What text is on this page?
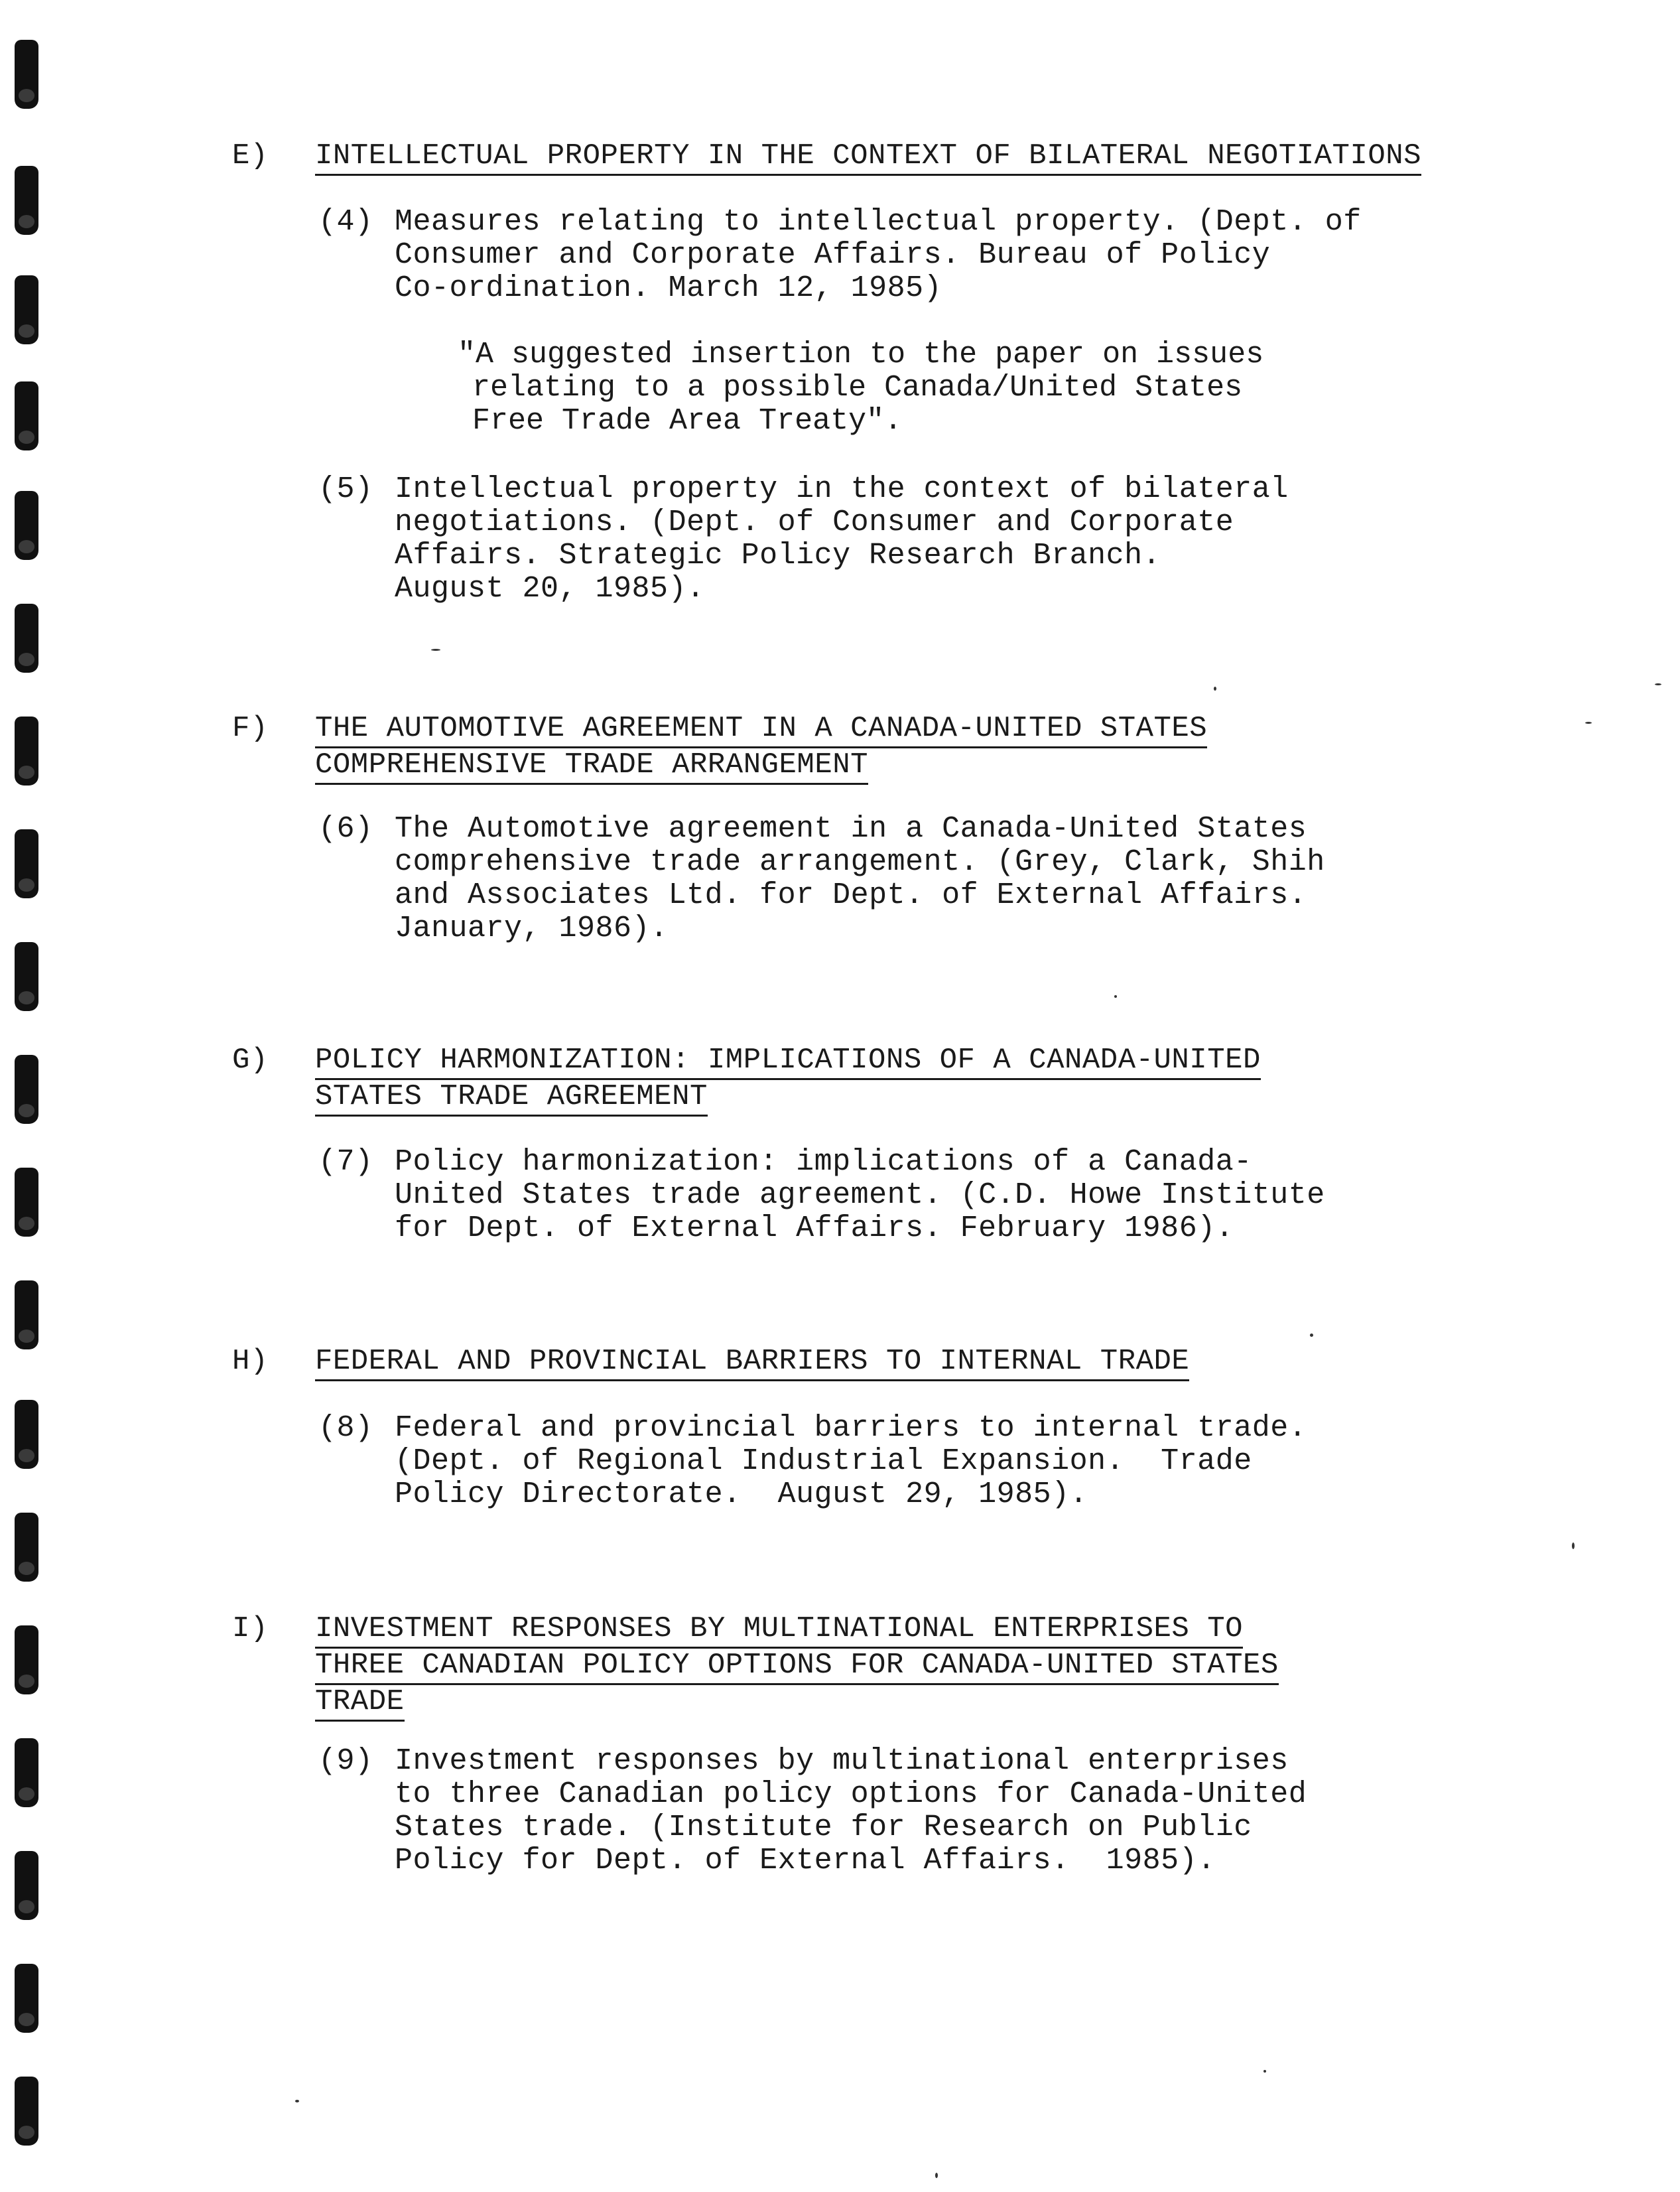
E) INTELLECTUAL PROPERTY IN THE CONTEXT OF BILATERAL NEGOTIATIONS
(4) Measures relating to intellectual property. (Dept. of
Consumer and Corporate Affairs. Bureau of Policy
Co-ordination. March 12, 1985)
"A suggested insertion to the paper on issues
relating to a possible Canada/United States
Free Trade Area Treaty".
(5) Intellectual property in the context of bilateral
negotiations. (Dept. of Consumer and Corporate
Affairs. Strategic Policy Research Branch.
August 20, 1985).
F) THE AUTOMOTIVE AGREEMENT IN A CANADA-UNITED STATES
COMPREHENSIVE TRADE ARRANGEMENT
(6) The Automotive agreement in a Canada-United States
comprehensive trade arrangement. (Grey, Clark, Shih
and Associates Ltd. for Dept. of External Affairs.
January, 1986).
G) POLICY HARMONIZATION: IMPLICATIONS OF A CANADA-UNITED
STATES TRADE AGREEMENT
(7) Policy harmonization: implications of a Canada-
United States trade agreement. (C.D. Howe Institute
for Dept. of External Affairs. February 1986).
H) FEDERAL AND PROVINCIAL BARRIERS TO INTERNAL TRADE
(8) Federal and provincial barriers to internal trade.
(Dept. of Regional Industrial Expansion.  Trade
Policy Directorate.  August 29, 1985).
I) INVESTMENT RESPONSES BY MULTINATIONAL ENTERPRISES TO
THREE CANADIAN POLICY OPTIONS FOR CANADA-UNITED STATES
TRADE
(9) Investment responses by multinational enterprises
to three Canadian policy options for Canada-United
States trade. (Institute for Research on Public
Policy for Dept. of External Affairs.  1985).
